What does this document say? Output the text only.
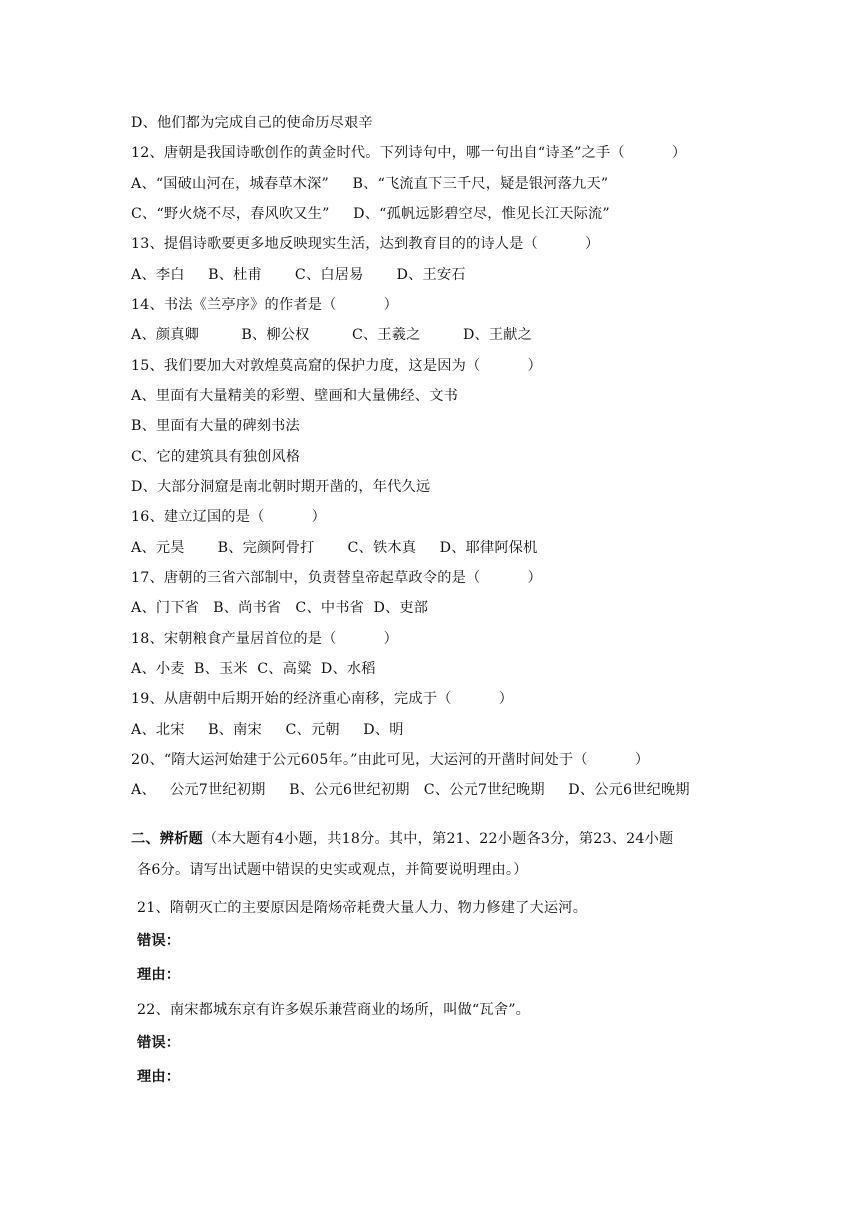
D、他们都为完成自己的使命历尽艰辛
12、唐朝是我国诗歌创作的黄金时代。下列诗句中，哪一句出自“诗圣”之手（          ）
A、“国破山河在，城春草木深”     B、“飞流直下三千尺，疑是银河落九天”
C、“野火烧不尽，春风吹又生”     D、“孤帆远影碧空尽，惟见长江天际流”
13、提倡诗歌要更多地反映现实生活，达到教育目的的诗人是（          ）
A、李白     B、杜甫       C、白居易       D、王安石
14、书法《兰亭序》的作者是（          ）
A、颜真卿         B、柳公权         C、王羲之         D、王献之
15、我们要加大对敦煌莫高窟的保护力度，这是因为（          ）
A、里面有大量精美的彩塑、壁画和大量佛经、文书
B、里面有大量的碑刻书法
C、它的建筑具有独创风格
D、大部分洞窟是南北朝时期开凿的，年代久远
16、建立辽国的是（          ）
A、元昊       B、完颜阿骨打       C、铁木真     D、耶律阿保机
17、唐朝的三省六部制中，负责替皇帝起草政令的是（          ）
A、门下省   B、尚书省   C、中书省  D、吏部
18、宋朝粮食产量居首位的是（          ）
A、小麦  B、玉米  C、高粱  D、水稻
19、从唐朝中后期开始的经济重心南移，完成于（          ）
A、北宋     B、南宋     C、元朝     D、明
20、“隋大运河始建于公元605年。”由此可见，大运河的开凿时间处于（          ）
A、   公元7世纪初期     B、公元6世纪初期   C、公元7世纪晚期     D、公元6世纪晚期
二、辨析题（本大题有4小题，共18分。其中，第21、22小题各3分，第23、24小题
各6分。请写出试题中错误的史实或观点，并简要说明理由。）
21、隋朝灭亡的主要原因是隋炀帝耗费大量人力、物力修建了大运河。
错误：
理由：
22、南宋都城东京有许多娱乐兼营商业的场所，叫做“瓦舍”。
错误：
理由：
